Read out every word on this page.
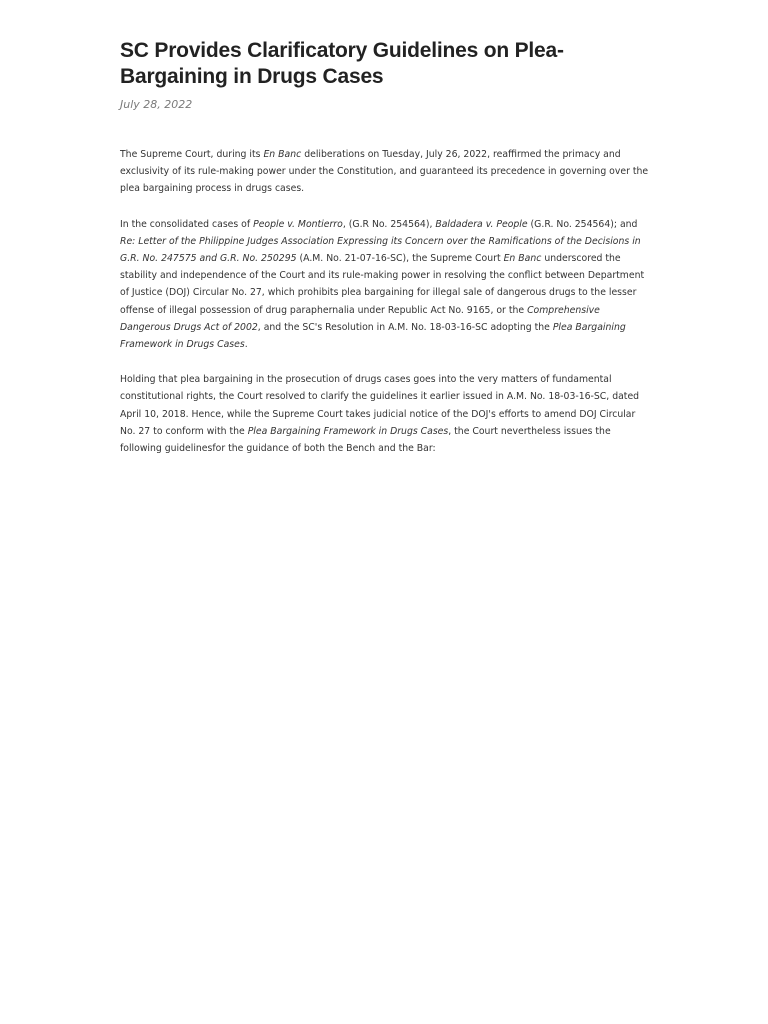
SC Provides Clarificatory Guidelines on Plea-Bargaining in Drugs Cases
July 28, 2022

The Supreme Court, during its En Banc deliberations on Tuesday, July 26, 2022, reaffirmed the primacy and exclusivity of its rule-making power under the Constitution, and guaranteed its precedence in governing over the plea bargaining process in drugs cases.

In the consolidated cases of People v. Montierro, (G.R No. 254564), Baldadera v. People (G.R. No. 254564); and Re: Letter of the Philippine Judges Association Expressing its Concern over the Ramifications of the Decisions in G.R. No. 247575 and G.R. No. 250295 (A.M. No. 21-07-16-SC), the Supreme Court En Banc underscored the stability and independence of the Court and its rule-making power in resolving the conflict between Department of Justice (DOJ) Circular No. 27, which prohibits plea bargaining for illegal sale of dangerous drugs to the lesser offense of illegal possession of drug paraphernalia under Republic Act No. 9165, or the Comprehensive Dangerous Drugs Act of 2002, and the SC's Resolution in A.M. No. 18-03-16-SC adopting the Plea Bargaining Framework in Drugs Cases.

Holding that plea bargaining in the prosecution of drugs cases goes into the very matters of fundamental constitutional rights, the Court resolved to clarify the guidelines it earlier issued in A.M. No. 18-03-16-SC, dated April 10, 2018. Hence, while the Supreme Court takes judicial notice of the DOJ's efforts to amend DOJ Circular No. 27 to conform with the Plea Bargaining Framework in Drugs Cases, the Court nevertheless issues the following guidelinesfor the guidance of both the Bench and the Bar:
